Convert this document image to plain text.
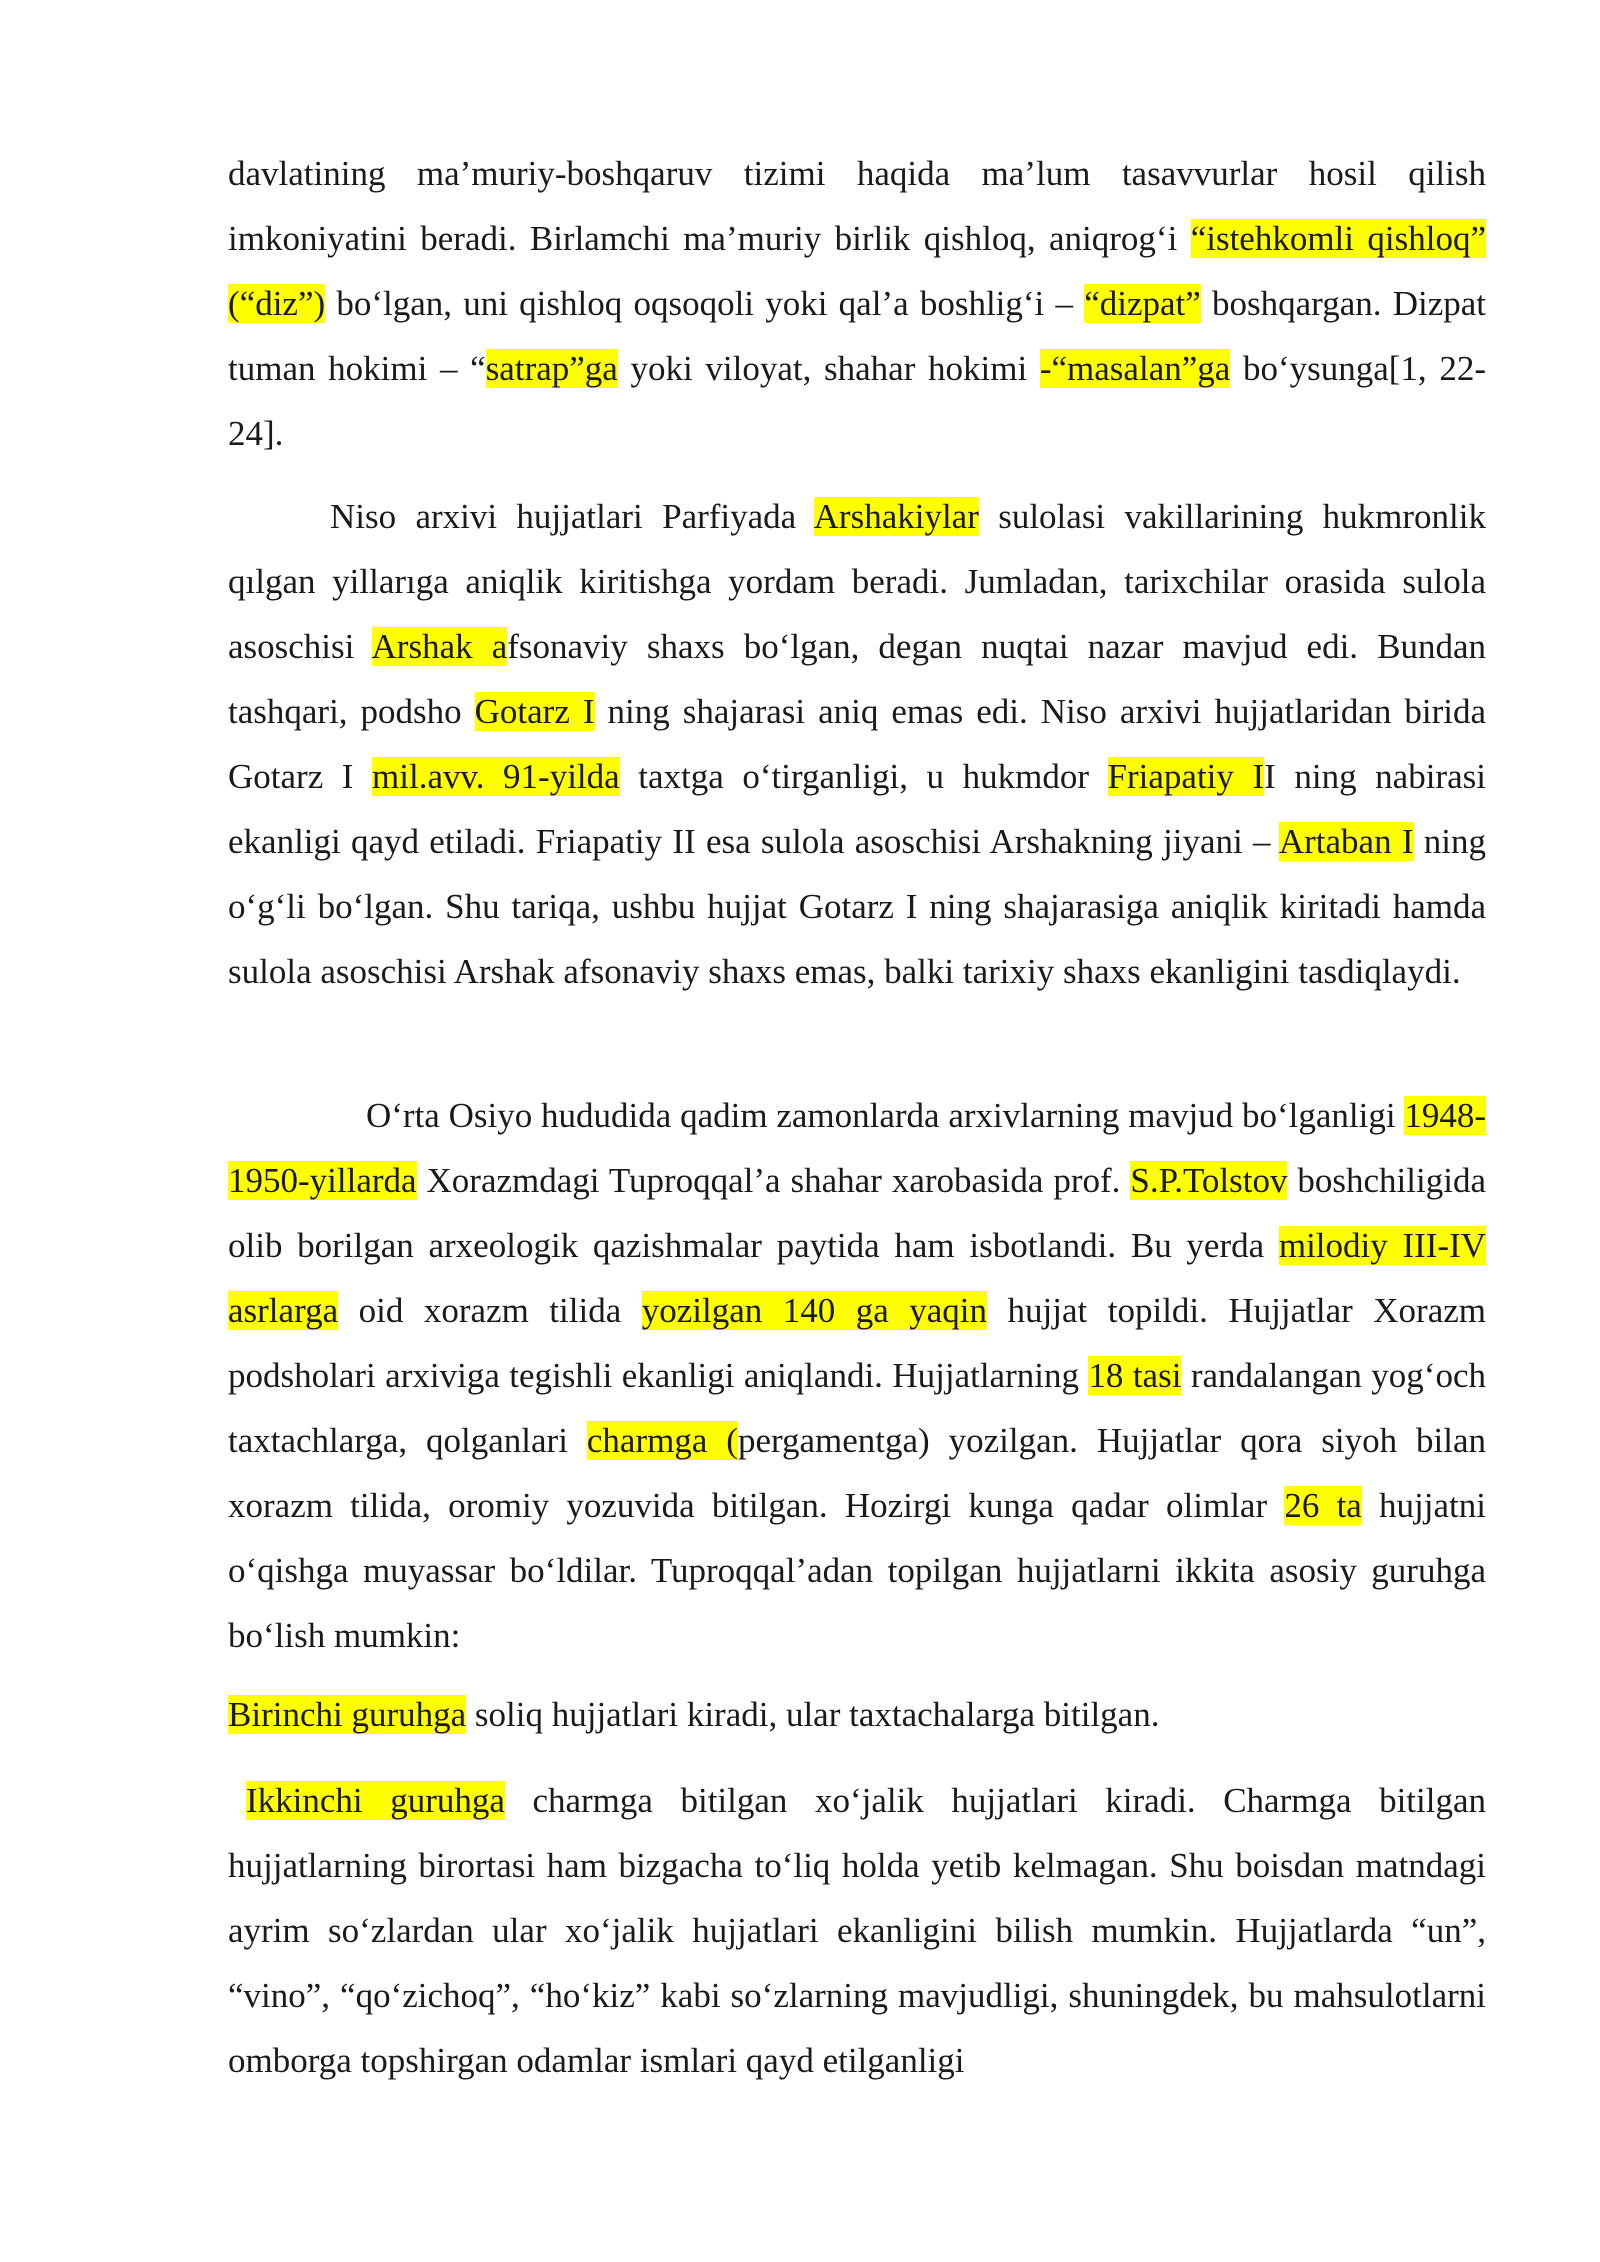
davlatining ma’muriy-boshqaruv tizimi haqida ma’lum tasavvurlar hosil qilish imkoniyatini beradi. Birlamchi ma’muriy birlik qishloq, aniqrog‘i “istehkomli qishloq” (“diz”) bo‘lgan, uni qishloq oqsoqoli yoki qal’a boshlig‘i – “dizpat” boshqargan. Dizpat tuman hokimi – “satrap”ga yoki viloyat, shahar hokimi -“masalan”ga bo‘ysunga[1, 22-24].

Niso arxivi hujjatlari Parfiyada Arshakiylar sulolasi vakillarining hukmronlik qılgan yillarıga aniqlik kiritishga yordam beradi. Jumladan, tarixchilar orasida sulola asoschisi Arshak afsonaviy shaxs bo‘lgan, degan nuqtai nazar mavjud edi. Bundan tashqari, podsho Gotarz I ning shajarasi aniq emas edi. Niso arxivi hujjatlaridan birida Gotarz I mil.avv. 91-yilda taxtga o‘tirganligi, u hukmdor Friapatiy II ning nabirasi ekanligi qayd etiladi. Friapatiy II esa sulola asoschisi Arshakning jiyani – Artaban I ning o‘g‘li bo‘lgan. Shu tariqa, ushbu hujjat Gotarz I ning shajarasiga aniqlik kiritadi hamda sulola asoschisi Arshak afsonaviy shaxs emas, balki tarixiy shaxs ekanligini tasdiqlaydi.

O‘rta Osiyo hududida qadim zamonlarda arxivlarning mavjud bo‘lganligi 1948- 1950-yillarda Xorazmdagi Tuproqqal’a shahar xarobasida prof. S.P.Tolstov boshchiligida olib borilgan arxeologik qazishmalar paytida ham isbotlandi. Bu yerda milodiy III-IV asrlarga oid xorazm tilida yozilgan 140 ga yaqin hujjat topildi. Hujjatlar Xorazm podsholari arxiviga tegishli ekanligi aniqlandi. Hujjatlarning 18 tasi randalangan yog‘och taxtachlarga, qolganlari charmga (pergamentga) yozilgan. Hujjatlar qora siyoh bilan xorazm tilida, oromiy yozuvida bitilgan. Hozirgi kunga qadar olimlar 26 ta hujjatni o‘qishga muyassar bo‘ldilar. Tuproqqal’adan topilgan hujjatlarni ikkita asosiy guruhga bo‘lish mumkin:

Birinchi guruhga soliq hujjatlari kiradi, ular taxtachalarga bitilgan.

Ikkinchi guruhga charmga bitilgan xo‘jalik hujjatlari kiradi. Charmga bitilgan hujjatlarning birortasi ham bizgacha to‘liq holda yetib kelmagan. Shu boisdan matndagi ayrim so‘zlardan ular xo‘jalik hujjatlari ekanligini bilish mumkin. Hujjatlarda “un”, “vino”, “qo‘zichoq”, “ho‘kiz” kabi so‘zlarning mavjudligi, shuningdek, bu mahsulotlarni omborga topshirgan odamlar ismlari qayd etilganligi
